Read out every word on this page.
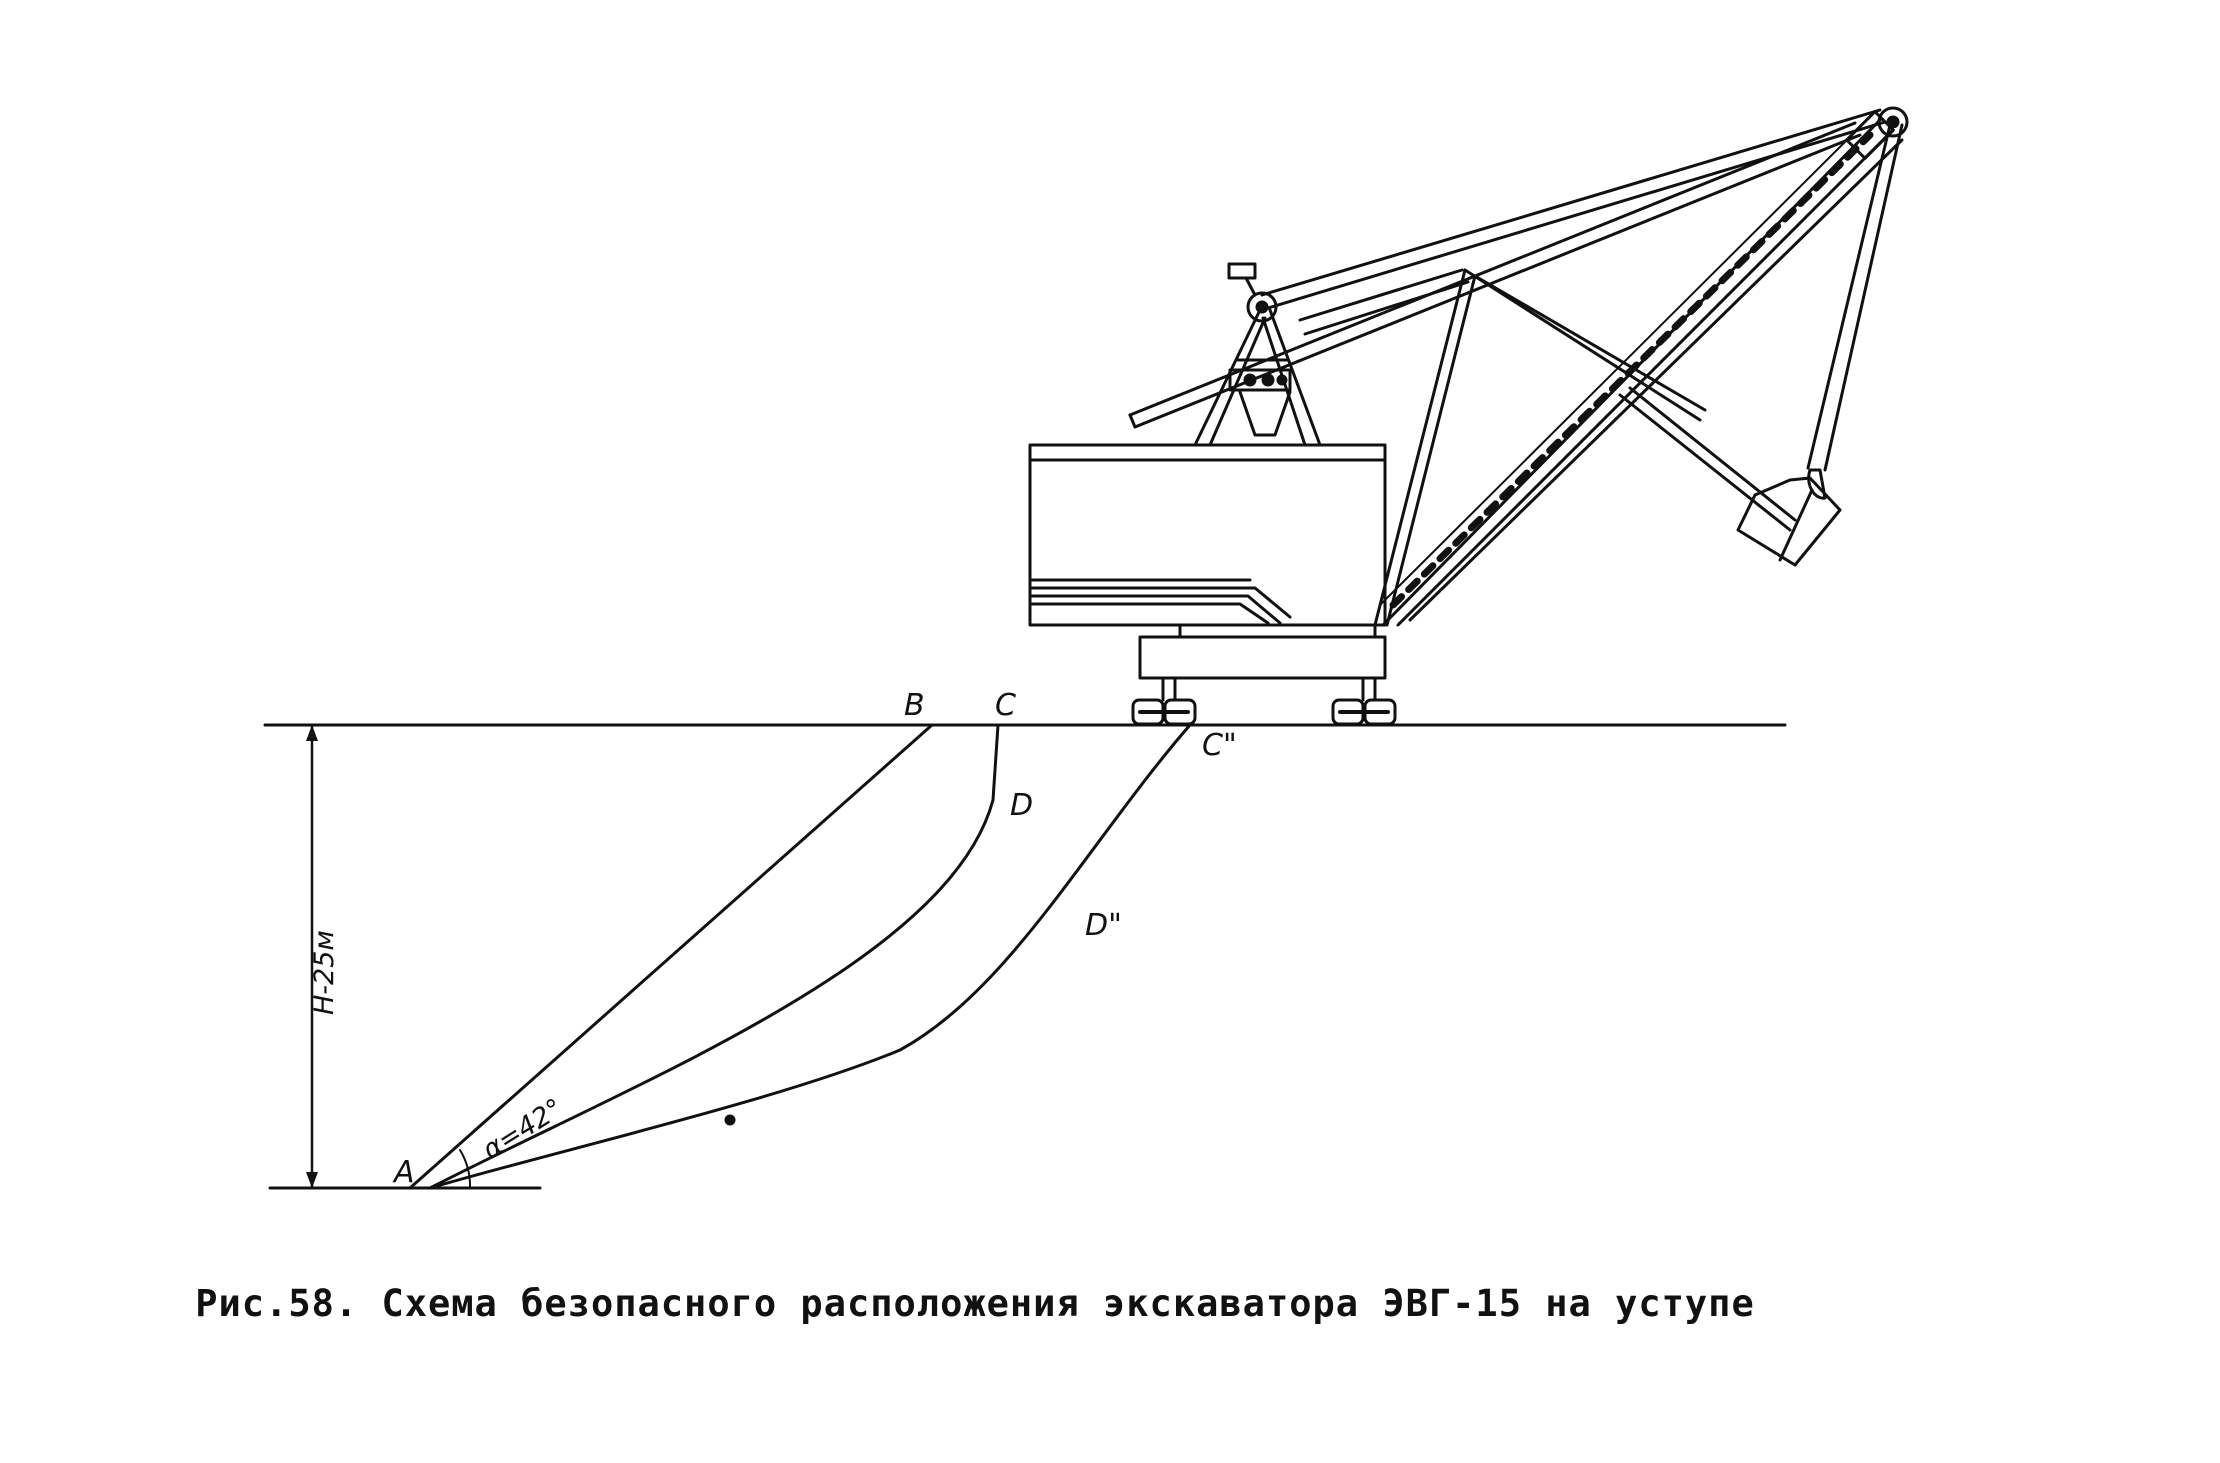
B C
D
C"
D"
A
H-25м
α=42°
Рис.58. Схема безопасного расположения экскаватора ЭВГ-15 на уступе
